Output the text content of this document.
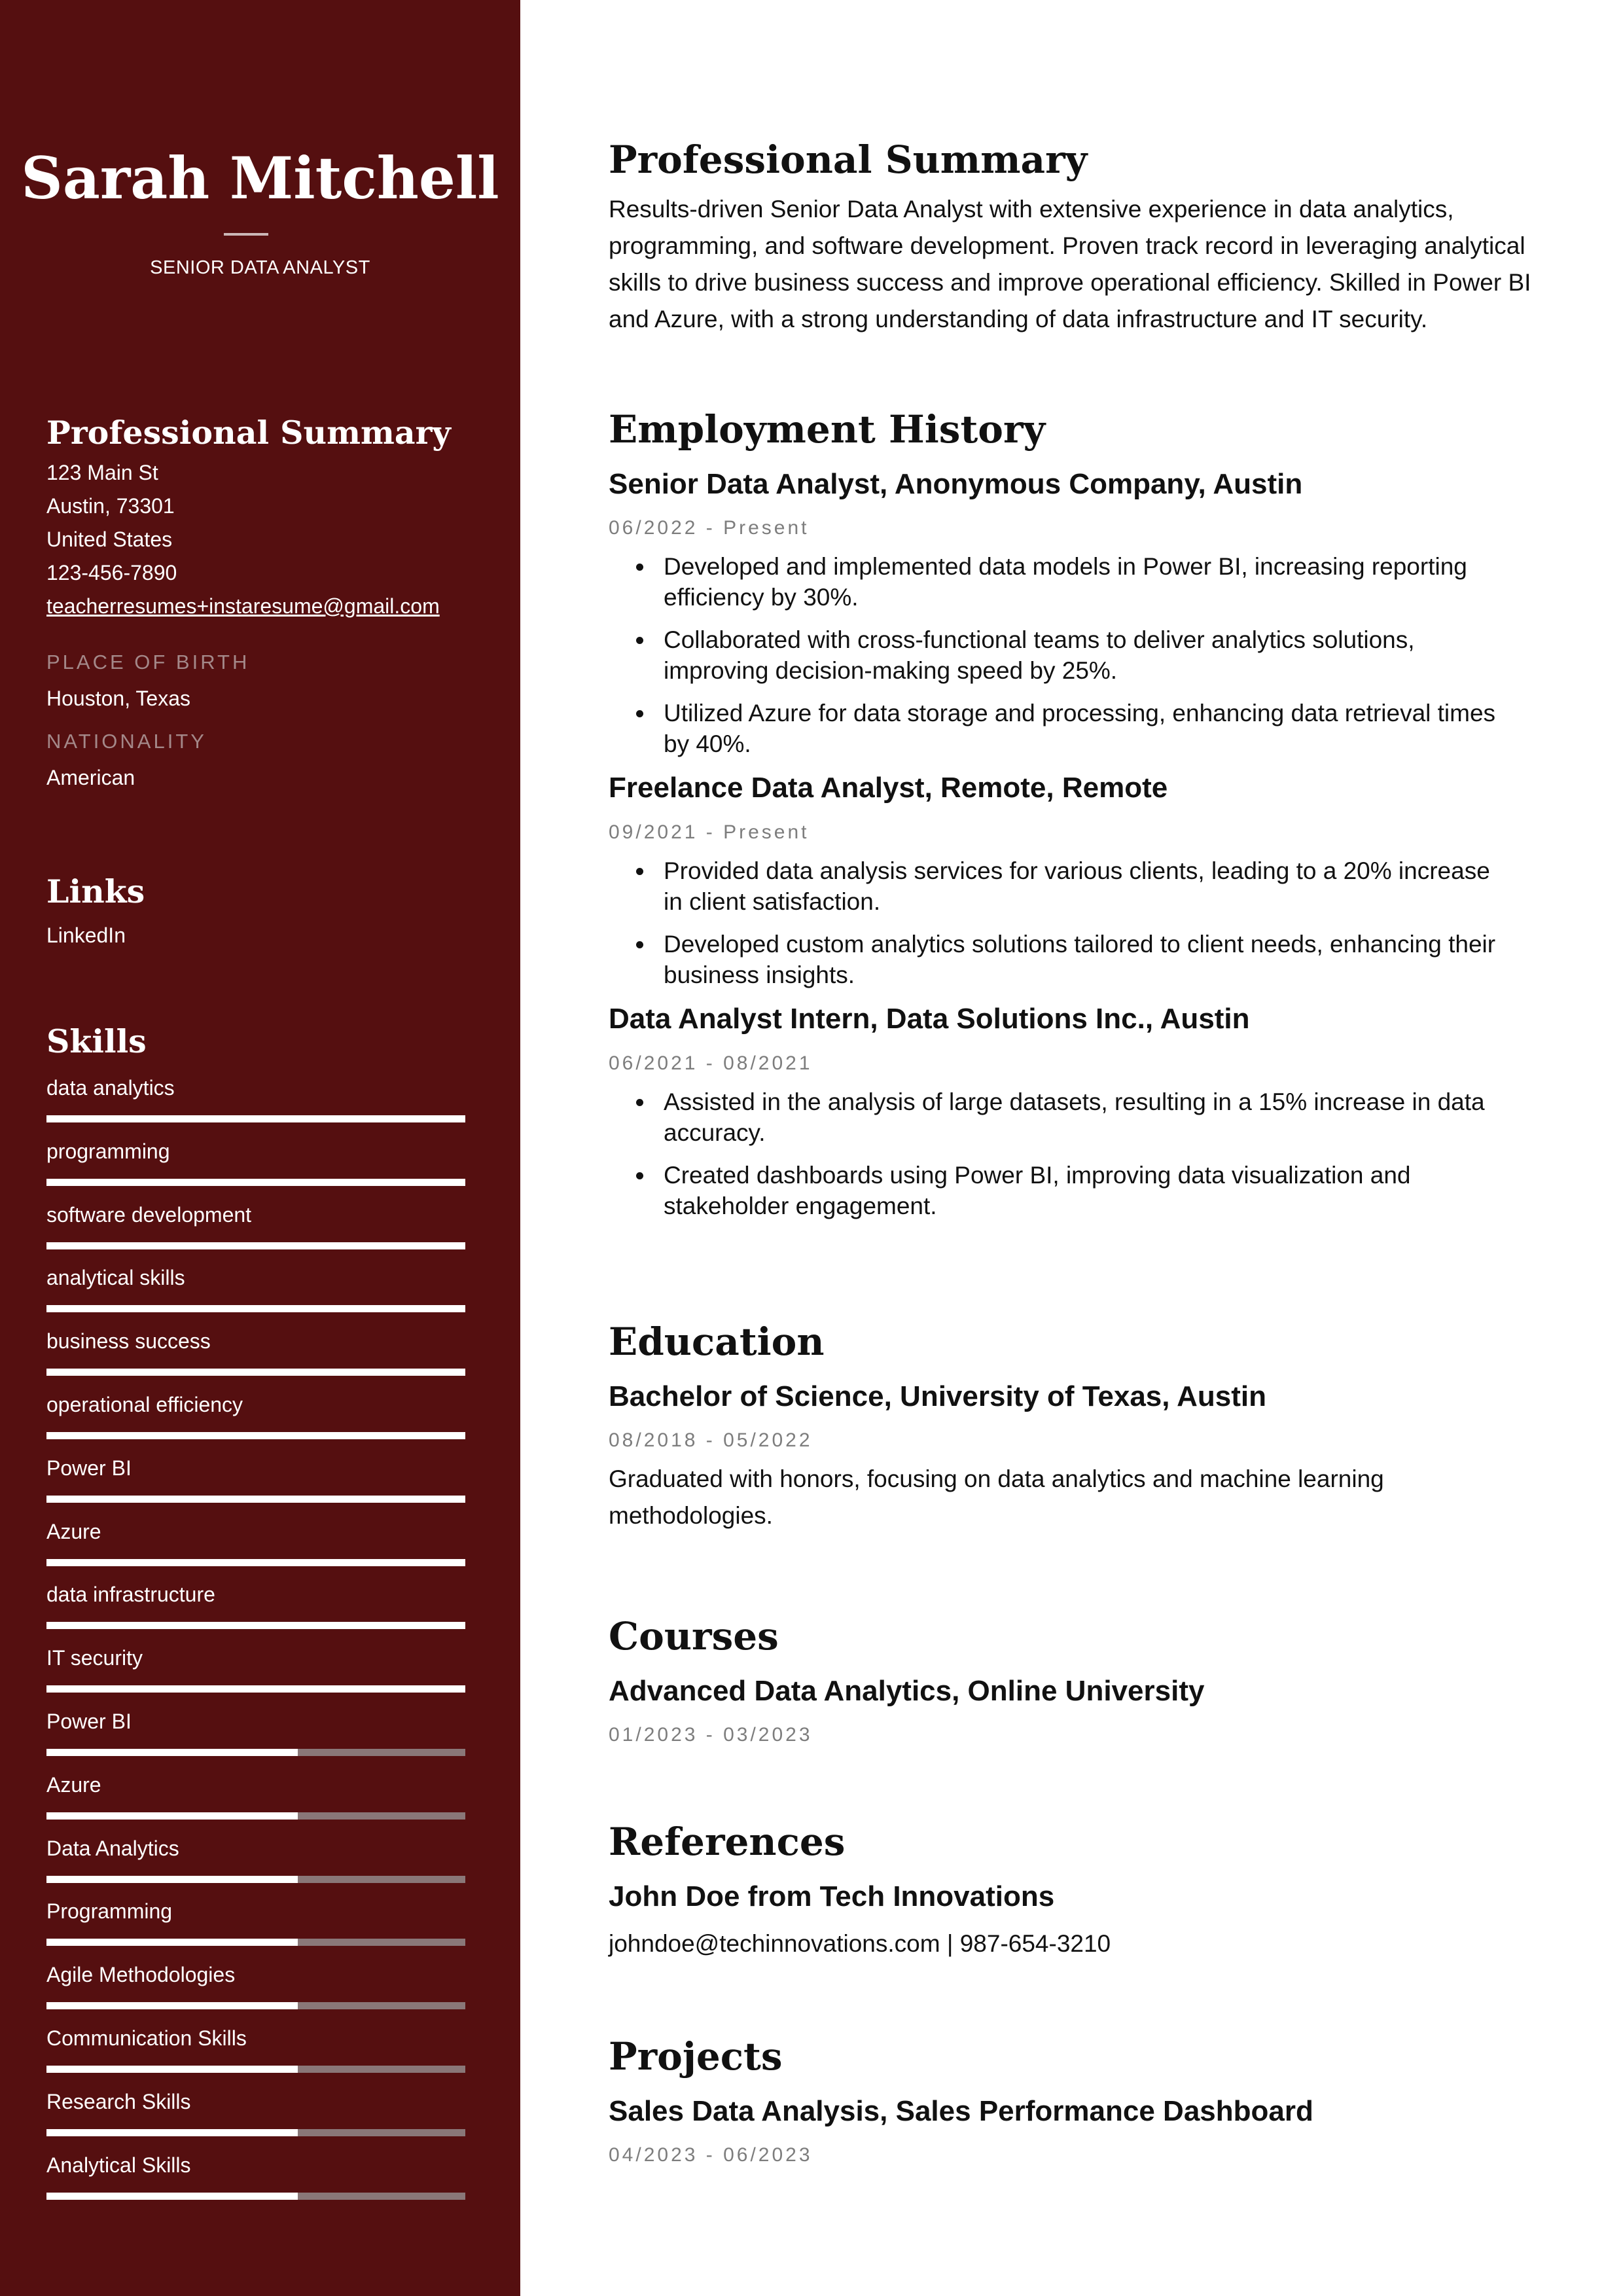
Sarah Mitchell
SENIOR DATA ANALYST
Professional Summary
123 Main St
Austin, 73301
United States
123-456-7890
teacherresumes+instaresume@gmail.com
PLACE OF BIRTH
Houston, Texas
NATIONALITY
American
Links
LinkedIn
Skills
data analytics
programming
software development
analytical skills
business success
operational efficiency
Power BI
Azure
data infrastructure
IT security
Power BI
Azure
Data Analytics
Programming
Agile Methodologies
Communication Skills
Research Skills
Analytical Skills
Professional Summary
Results-driven Senior Data Analyst with extensive experience in data analytics, programming, and software development. Proven track record in leveraging analytical skills to drive business success and improve operational efficiency. Skilled in Power BI and Azure, with a strong understanding of data infrastructure and IT security.
Employment History
Senior Data Analyst, Anonymous Company, Austin
06/2022 - Present
Developed and implemented data models in Power BI, increasing reporting efficiency by 30%.
Collaborated with cross-functional teams to deliver analytics solutions, improving decision-making speed by 25%.
Utilized Azure for data storage and processing, enhancing data retrieval times by 40%.
Freelance Data Analyst, Remote, Remote
09/2021 - Present
Provided data analysis services for various clients, leading to a 20% increase in client satisfaction.
Developed custom analytics solutions tailored to client needs, enhancing their business insights.
Data Analyst Intern, Data Solutions Inc., Austin
06/2021 - 08/2021
Assisted in the analysis of large datasets, resulting in a 15% increase in data accuracy.
Created dashboards using Power BI, improving data visualization and stakeholder engagement.
Education
Bachelor of Science, University of Texas, Austin
08/2018 - 05/2022
Graduated with honors, focusing on data analytics and machine learning methodologies.
Courses
Advanced Data Analytics, Online University
01/2023 - 03/2023
References
John Doe from Tech Innovations
johndoe@techinnovations.com | 987-654-3210
Projects
Sales Data Analysis, Sales Performance Dashboard
04/2023 - 06/2023
